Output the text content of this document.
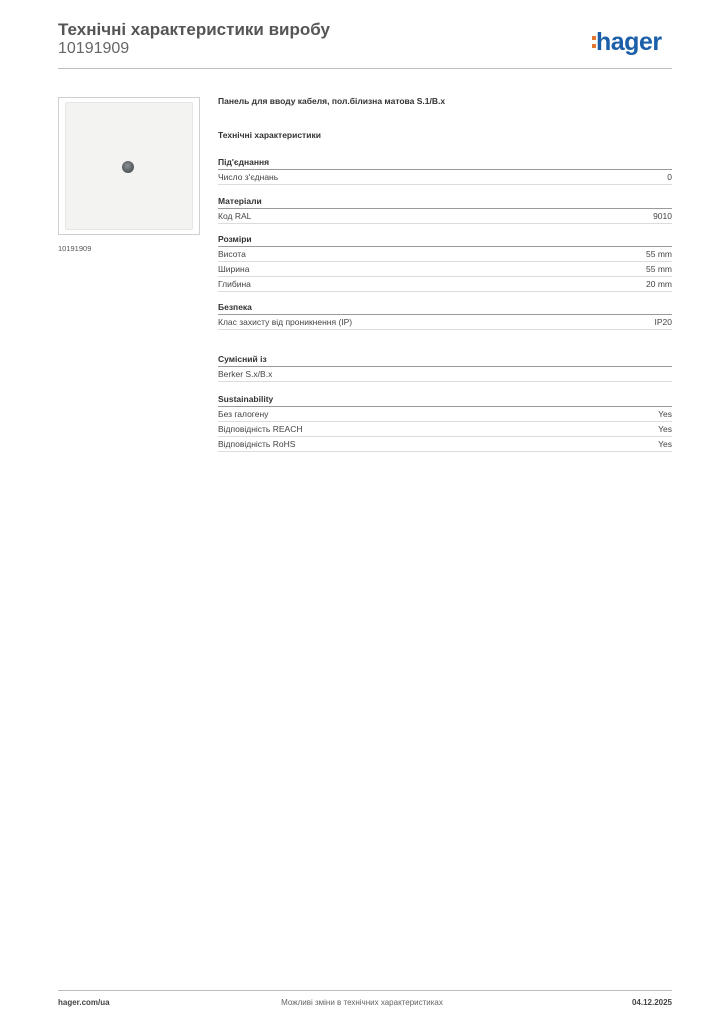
Технічні характеристики виробу
10191909	hager
10191909
Панель для вводу кабеля, пол.білизна матова S.1/B.x
Технічні характеристики
Під'єднання
Число з'єднань	0
Матеріали
Код RAL	9010
Розміри
Висота	55 mm
Ширина	55 mm
Глибина	20 mm
Безпека
Клас захисту від проникнення (IP)	IP20
Сумісний із
Berker S.x/B.x
Sustainability
Без галогену	Yes
Відповідність REACH	Yes
Відповідність RoHS	Yes
hager.com/ua	Можливі зміни в технічних характеристиках	04.12.2025
